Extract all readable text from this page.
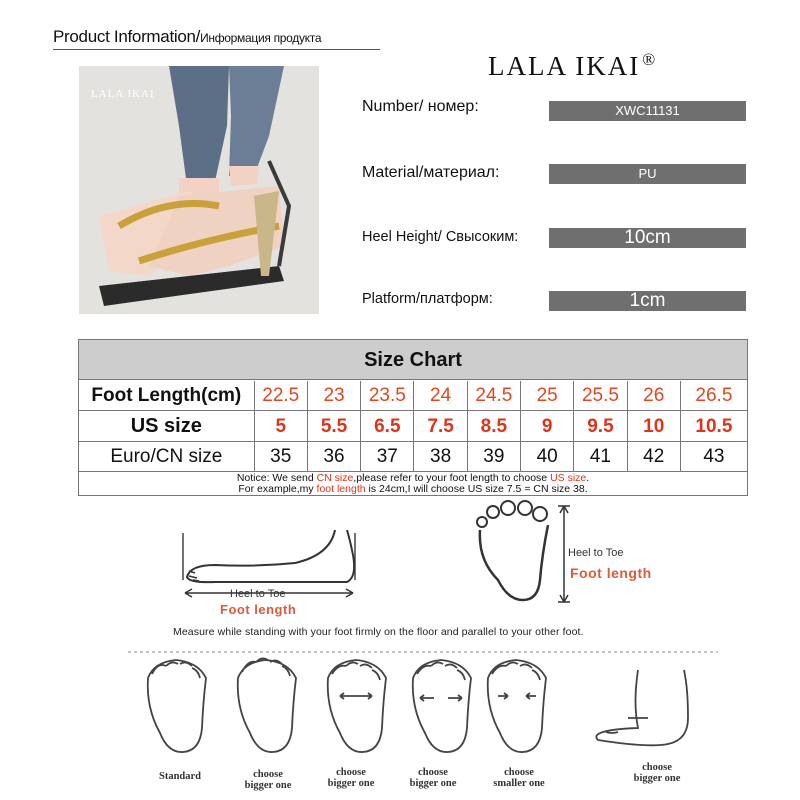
Product Information/Информация продукта
LALA IKAI ®
LALA IKAI
Number/ номер:	XWC11131
Material/материал:	PU
Heel Height/ Свысоким:	10cm
Platform/платформ:	1cm
Size Chart
Foot Length(cm)	22.5	23	23.5	24	24.5	25	25.5	26	26.5
US size	5	5.5	6.5	7.5	8.5	9	9.5	10	10.5
Euro/CN size	35	36	37	38	39	40	41	42	43
Notice: We send CN size,please refer to your foot length to choose US size.
For example,my foot length is 24cm,I will choose US size 7.5 = CN size 38.
Heel to Toe
Foot length
Heel to Toe
Foot length
Measure while standing with your foot firmly on the floor and parallel to your other foot.
Standard	choose
bigger one
choose
bigger one
choose
bigger one
choose
smaller one
choose
bigger one
